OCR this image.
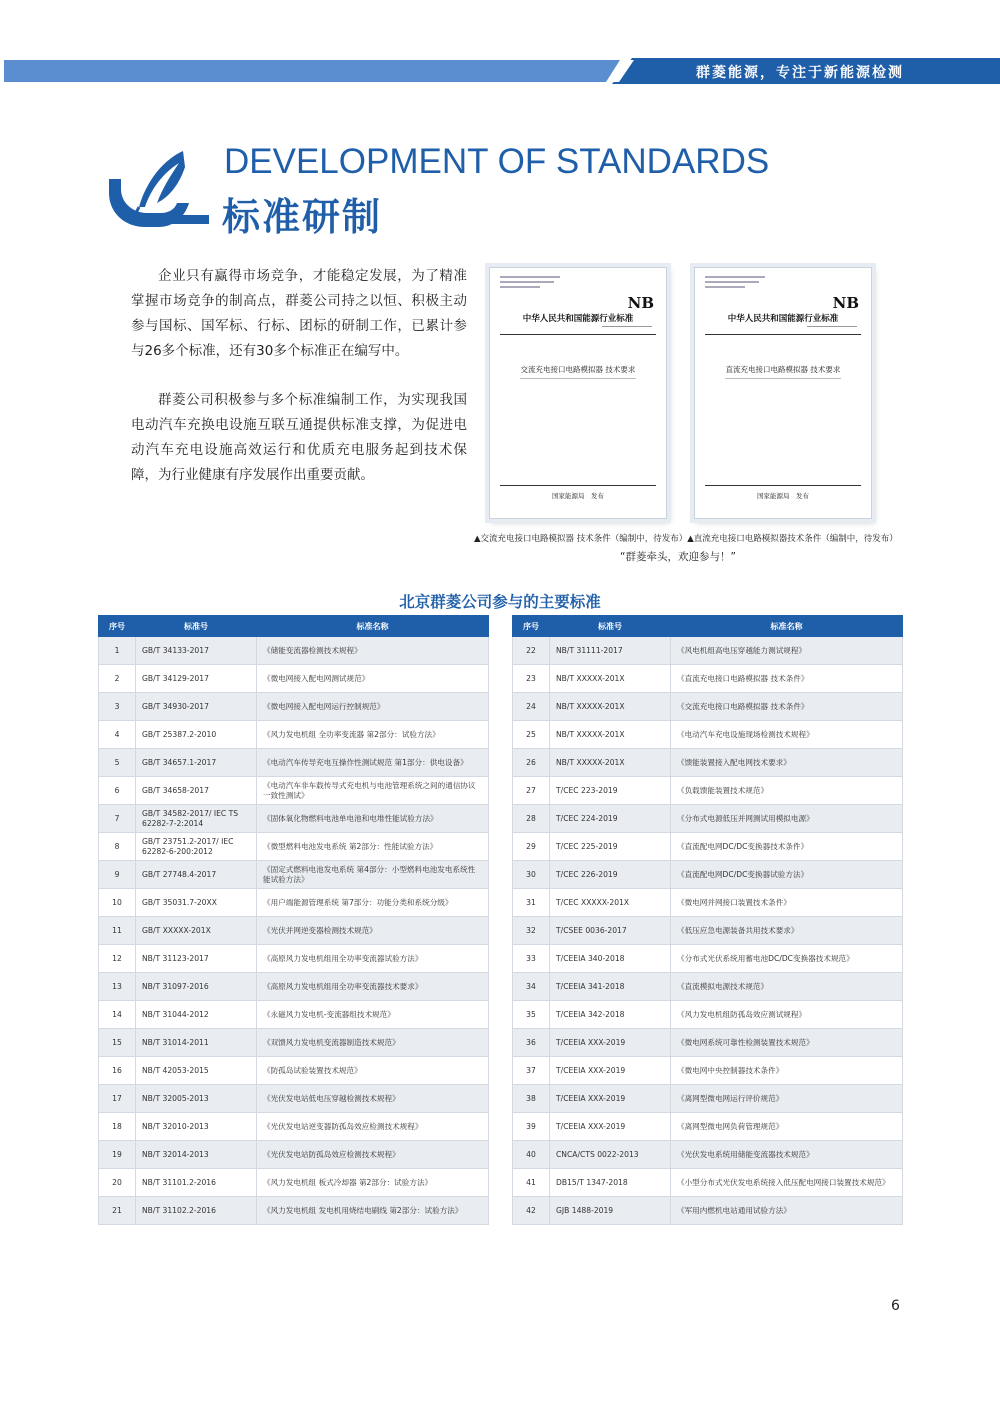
群菱能源，专注于新能源检测
DEVELOPMENT OF STANDARDS
标准研制

企业只有赢得市场竞争，才能稳定发展，为了精准掌握市场竞争的制高点，群菱公司持之以恒、积极主动参与国标、国军标、行标、团标的研制工作，已累计参与26多个标准，还有30多个标准正在编写中。

群菱公司积极参与多个标准编制工作，为实现我国电动汽车充换电设施互联互通提供标准支撑，为促进电动汽车充电设施高效运行和优质充电服务起到技术保障，为行业健康有序发展作出重要贡献。

NB
中华人民共和国能源行业标准
交流充电接口电路模拟器 技术要求
国家能源局　发布
NB
中华人民共和国能源行业标准
直流充电接口电路模拟器 技术要求
国家能源局　发布
▲交流充电接口电路模拟器 技术条件（编制中，待发布）▲直流充电接口电路模拟器技术条件（编制中，待发布）
“群菱牵头，欢迎参与！”
北京群菱公司参与的主要标准
序号	标准号	标准名称
1	GB/T 34133-2017	《储能变流器检测技术规程》
2	GB/T 34129-2017	《微电网接入配电网测试规范》
3	GB/T 34930-2017	《微电网接入配电网运行控制规范》
4	GB/T 25387.2-2010	《风力发电机组 全功率变流器 第2部分：试验方法》
5	GB/T 34657.1-2017	《电动汽车传导充电互操作性测试规范 第1部分：供电设备》
6	GB/T 34658-2017	《电动汽车非车载传导式充电机与电池管理系统之间的通信协议一致性测试》
7	GB/T 34582-2017/ IEC TS 62282-7-2:2014	《固体氧化物燃料电池单电池和电堆性能试验方法》
8	GB/T 23751.2-2017/ IEC 62282-6-200:2012	《微型燃料电池发电系统 第2部分：性能试验方法》
9	GB/T 27748.4-2017	《固定式燃料电池发电系统 第4部分：小型燃料电池发电系统性能试验方法》
10	GB/T 35031.7-20XX	《用户端能源管理系统 第7部分：功能分类和系统分级》
11	GB/T XXXXX-201X	《光伏并网逆变器检测技术规范》
12	NB/T 31123-2017	《高原风力发电机组用全功率变流器试验方法》
13	NB/T 31097-2016	《高原风力发电机组用全功率变流器技术要求》
14	NB/T 31044-2012	《永磁风力发电机-变流器组技术规范》
15	NB/T 31014-2011	《双馈风力发电机变流器制造技术规范》
16	NB/T 42053-2015	《防孤岛试验装置技术规范》
17	NB/T 32005-2013	《光伏发电站低电压穿越检测技术规程》
18	NB/T 32010-2013	《光伏发电站逆变器防孤岛效应检测技术规程》
19	NB/T 32014-2013	《光伏发电站防孤岛效应检测技术规程》
20	NB/T 31101.2-2016	《风力发电机组 板式冷却器 第2部分：试验方法》
21	NB/T 31102.2-2016	《风力发电机组 发电机用烧结电刷线 第2部分：试验方法》
序号	标准号	标准名称
22	NB/T 31111-2017	《风电机组高电压穿越能力测试规程》
23	NB/T XXXXX-201X	《直流充电接口电路模拟器 技术条件》
24	NB/T XXXXX-201X	《交流充电接口电路模拟器 技术条件》
25	NB/T XXXXX-201X	《电动汽车充电设施现场检测技术规程》
26	NB/T XXXXX-201X	《馈能装置接入配电网技术要求》
27	T/CEC 223-2019	《负载馈能装置技术规范》
28	T/CEC 224-2019	《分布式电源低压并网测试用模拟电源》
29	T/CEC 225-2019	《直流配电网DC/DC变换器技术条件》
30	T/CEC 226-2019	《直流配电网DC/DC变换器试验方法》
31	T/CEC XXXXX-201X	《微电网并网接口装置技术条件》
32	T/CSEE 0036-2017	《低压应急电源装备共用技术要求》
33	T/CEEIA 340-2018	《分布式光伏系统用蓄电池DC/DC变换器技术规范》
34	T/CEEIA 341-2018	《直流模拟电源技术规范》
35	T/CEEIA 342-2018	《风力发电机组防孤岛效应测试规程》
36	T/CEEIA XXX-2019	《微电网系统可靠性检测装置技术规范》
37	T/CEEIA XXX-2019	《微电网中央控制器技术条件》
38	T/CEEIA XXX-2019	《离网型微电网运行评价规范》
39	T/CEEIA XXX-2019	《离网型微电网负荷管理规范》
40	CNCA/CTS 0022-2013	《光伏发电系统用储能变流器技术规范》
41	DB15/T 1347-2018	《小型分布式光伏发电系统接入低压配电网接口装置技术规范》
42	GJB 1488-2019	《军用内燃机电站通用试验方法》
6
